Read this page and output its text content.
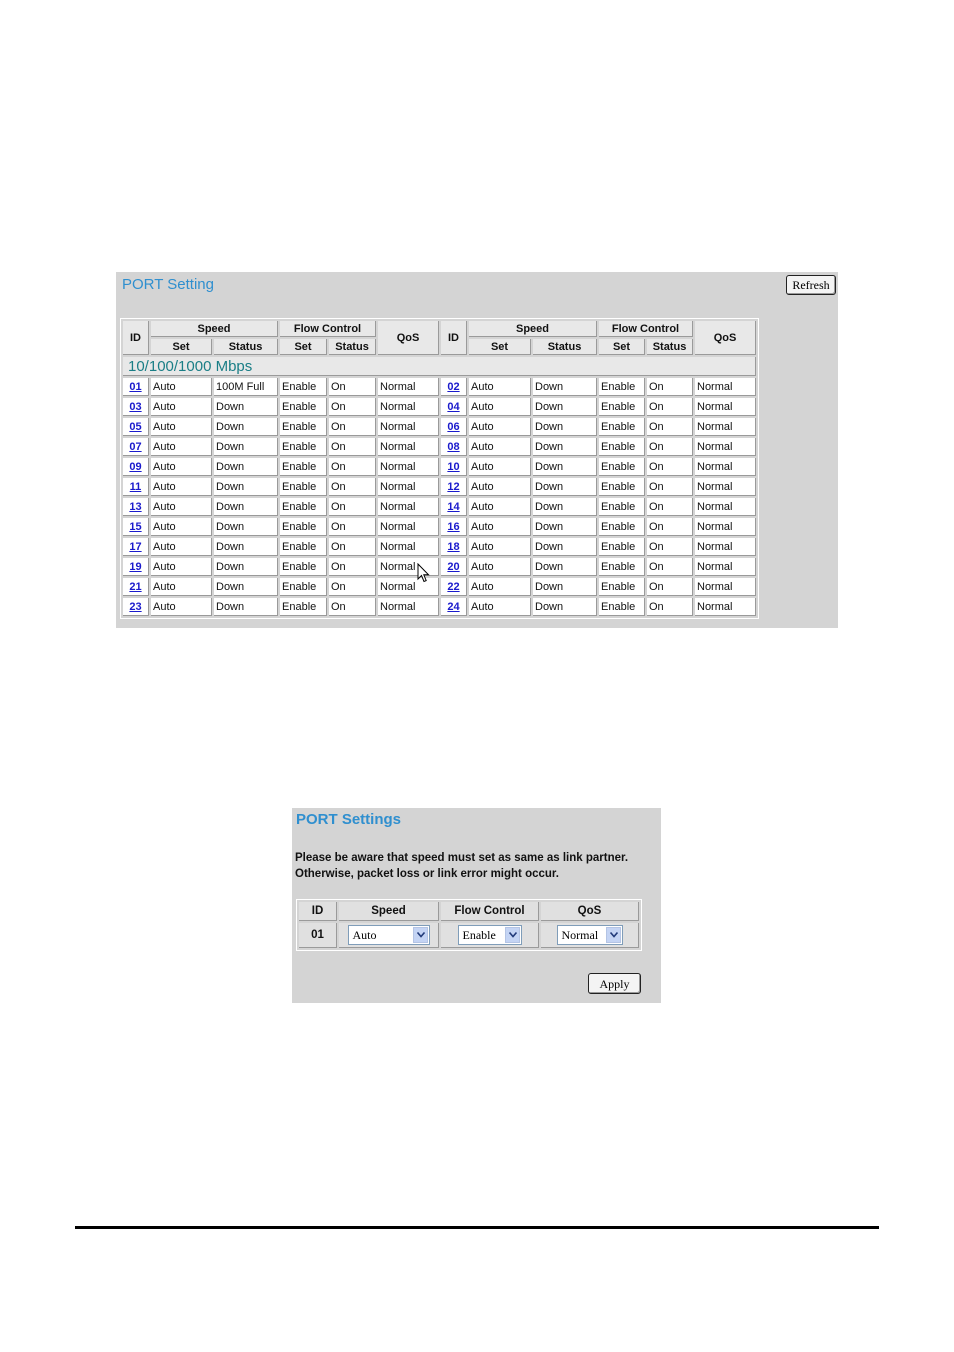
PORT Setting	Refresh
ID	Speed		Flow Control		QoS	ID	Speed		Flow Control		QoS
	Set	Status	Set	Status			Set	Status	Set	Status	
10/100/1000 Mbps											
01	Auto	100M Full	Enable	On	Normal	02	Auto	Down	Enable	On	Normal
03	Auto	Down	Enable	On	Normal	04	Auto	Down	Enable	On	Normal
05	Auto	Down	Enable	On	Normal	06	Auto	Down	Enable	On	Normal
07	Auto	Down	Enable	On	Normal	08	Auto	Down	Enable	On	Normal
09	Auto	Down	Enable	On	Normal	10	Auto	Down	Enable	On	Normal
11	Auto	Down	Enable	On	Normal	12	Auto	Down	Enable	On	Normal
13	Auto	Down	Enable	On	Normal	14	Auto	Down	Enable	On	Normal
15	Auto	Down	Enable	On	Normal	16	Auto	Down	Enable	On	Normal
17	Auto	Down	Enable	On	Normal	18	Auto	Down	Enable	On	Normal
19	Auto	Down	Enable	On	Normal	20	Auto	Down	Enable	On	Normal
21	Auto	Down	Enable	On	Normal	22	Auto	Down	Enable	On	Normal
23	Auto	Down	Enable	On	Normal	24	Auto	Down	Enable	On	Normal
PORT Settings
Please be aware that speed must set as same as link partner.
Otherwise, packet loss or link error might occur.
ID	Speed	Flow Control	QoS
01	Auto	Enable	Normal
Apply
